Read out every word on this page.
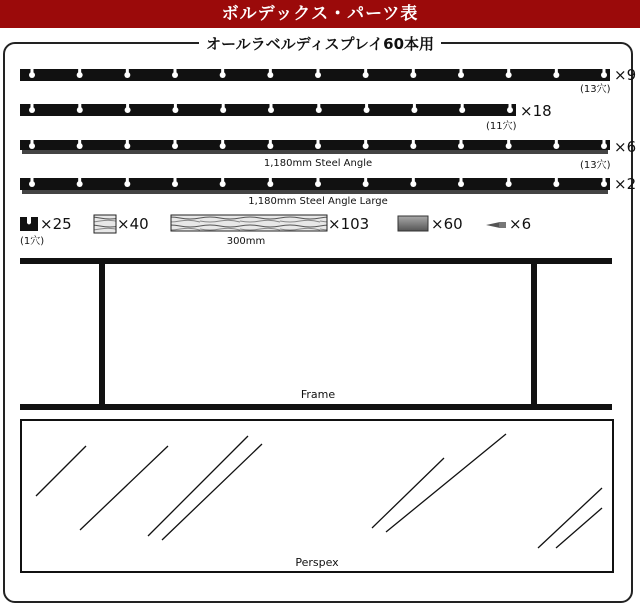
ボルデックス・パーツ表
オールラベルディスプレイ60本用
×9
(13穴)
×18
(11穴)
×6
1,180mm Steel Angle	(13穴)
×2
1,180mm Steel Angle Large
×25
(1穴)
×40	×103
300mm
×60	×6
Frame
Perspex
